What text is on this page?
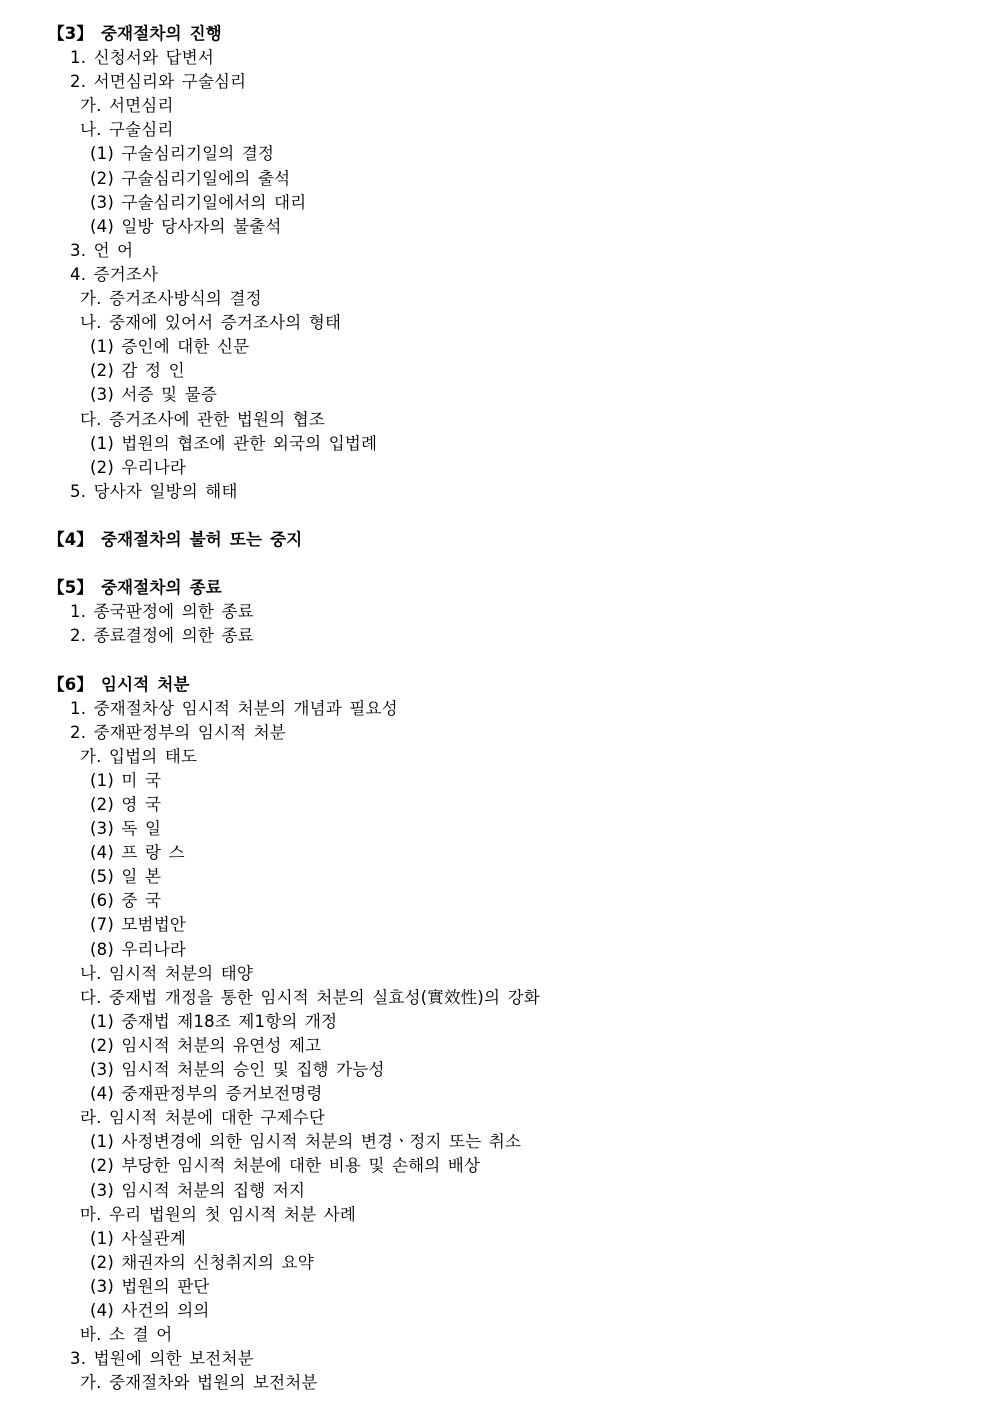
【3】 중재절차의 진행
1. 신청서와 답변서
2. 서면심리와 구술심리
가. 서면심리
나. 구술심리
(1) 구술심리기일의 결정
(2) 구술심리기일에의 출석
(3) 구술심리기일에서의 대리
(4) 일방 당사자의 불출석
3. 언 어
4. 증거조사
가. 증거조사방식의 결정
나. 중재에 있어서 증거조사의 형태
(1) 증인에 대한 신문
(2) 감 정 인
(3) 서증 및 물증
다. 증거조사에 관한 법원의 협조
(1) 법원의 협조에 관한 외국의 입법례
(2) 우리나라
5. 당사자 일방의 해태
【4】 중재절차의 불허 또는 중지
【5】 중재절차의 종료
1. 종국판정에 의한 종료
2. 종료결정에 의한 종료
【6】 임시적 처분
1. 중재절차상 임시적 처분의 개념과 필요성
2. 중재판정부의 임시적 처분
가. 입법의 태도
(1) 미 국
(2) 영 국
(3) 독 일
(4) 프 랑 스
(5) 일 본
(6) 중 국
(7) 모범법안
(8) 우리나라
나. 임시적 처분의 태양
다. 중재법 개정을 통한 임시적 처분의 실효성(實效性)의 강화
(1) 중재법 제18조 제1항의 개정
(2) 임시적 처분의 유연성 제고
(3) 임시적 처분의 승인 및 집행 가능성
(4) 중재판정부의 증거보전명령
라. 임시적 처분에 대한 구제수단
(1) 사정변경에 의한 임시적 처분의 변경ㆍ정지 또는 취소
(2) 부당한 임시적 처분에 대한 비용 및 손해의 배상
(3) 임시적 처분의 집행 저지
마. 우리 법원의 첫 임시적 처분 사례
(1) 사실관계
(2) 채권자의 신청취지의 요약
(3) 법원의 판단
(4) 사건의 의의
바. 소 결 어
3. 법원에 의한 보전처분
가. 중재절차와 법원의 보전처분
